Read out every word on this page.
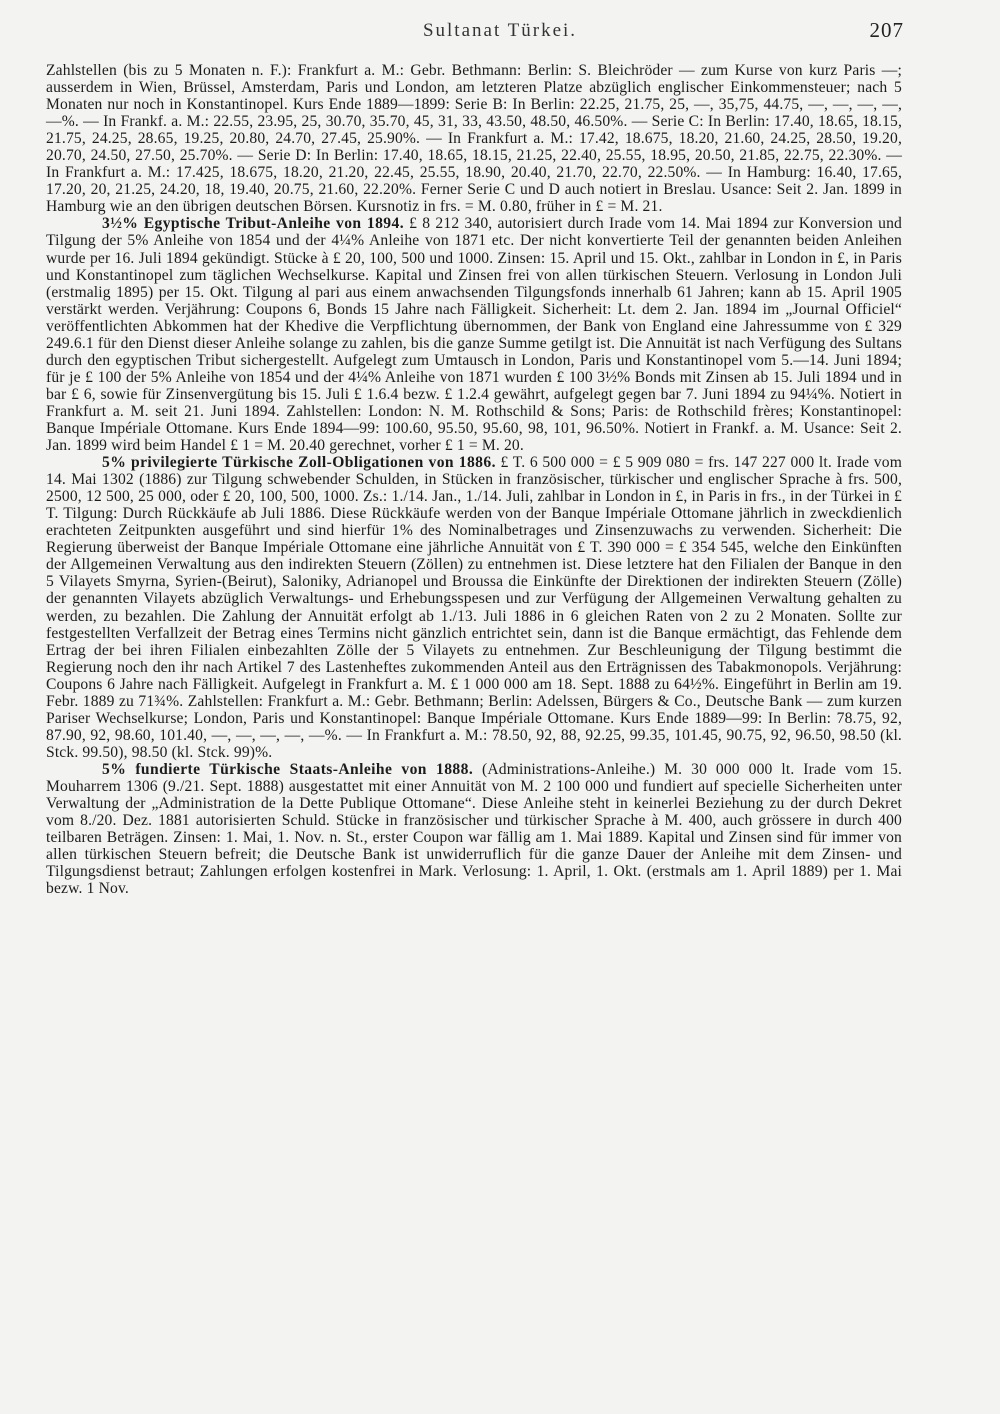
Sultanat Türkei.	207

Zahlstellen (bis zu 5 Monaten n. F.): Frankfurt a. M.: Gebr. Bethmann: Berlin: S. Bleichröder — zum Kurse von kurz Paris —; ausserdem in Wien, Brüssel, Amsterdam, Paris und London, am letzteren Platze abzüglich englischer Einkommensteuer; nach 5 Monaten nur noch in Konstantinopel. Kurs Ende 1889—1899: Serie B: In Berlin: 22.25, 21.75, 25, —, 35,75, 44.75, —, —, —, —, —%. — In Frankf. a. M.: 22.55, 23.95, 25, 30.70, 35.70, 45, 31, 33, 43.50, 48.50, 46.50%. — Serie C: In Berlin: 17.40, 18.65, 18.15, 21.75, 24.25, 28.65, 19.25, 20.80, 24.70, 27.45, 25.90%. — In Frankfurt a. M.: 17.42, 18.675, 18.20, 21.60, 24.25, 28.50, 19.20, 20.70, 24.50, 27.50, 25.70%. — Serie D: In Berlin: 17.40, 18.65, 18.15, 21.25, 22.40, 25.55, 18.95, 20.50, 21.85, 22.75, 22.30%. — In Frankfurt a. M.: 17.425, 18.675, 18.20, 21.20, 22.45, 25.55, 18.90, 20.40, 21.70, 22.70, 22.50%. — In Hamburg: 16.40, 17.65, 17.20, 20, 21.25, 24.20, 18, 19.40, 20.75, 21.60, 22.20%. Ferner Serie C und D auch notiert in Breslau. Usance: Seit 2. Jan. 1899 in Hamburg wie an den übrigen deutschen Börsen. Kursnotiz in frs. = M. 0.80, früher in £ = M. 21.

3½% Egyptische Tribut-Anleihe von 1894. £ 8 212 340, autorisiert durch Irade vom 14. Mai 1894 zur Konversion und Tilgung der 5% Anleihe von 1854 und der 4¼% Anleihe von 1871 etc. Der nicht konvertierte Teil der genannten beiden Anleihen wurde per 16. Juli 1894 gekündigt. Stücke à £ 20, 100, 500 und 1000. Zinsen: 15. April und 15. Okt., zahlbar in London in £, in Paris und Konstantinopel zum täglichen Wechselkurse. Kapital und Zinsen frei von allen türkischen Steuern. Verlosung in London Juli (erstmalig 1895) per 15. Okt. Tilgung al pari aus einem anwachsenden Tilgungsfonds innerhalb 61 Jahren; kann ab 15. April 1905 verstärkt werden. Verjährung: Coupons 6, Bonds 15 Jahre nach Fälligkeit. Sicherheit: Lt. dem 2. Jan. 1894 im „Journal Officiel“ veröffentlichten Abkommen hat der Khedive die Verpflichtung übernommen, der Bank von England eine Jahressumme von £ 329 249.6.1 für den Dienst dieser Anleihe solange zu zahlen, bis die ganze Summe getilgt ist. Die Annuität ist nach Verfügung des Sultans durch den egyptischen Tribut sichergestellt. Aufgelegt zum Umtausch in London, Paris und Konstantinopel vom 5.—14. Juni 1894; für je £ 100 der 5% Anleihe von 1854 und der 4¼% Anleihe von 1871 wurden £ 100 3½% Bonds mit Zinsen ab 15. Juli 1894 und in bar £ 6, sowie für Zinsenvergütung bis 15. Juli £ 1.6.4 bezw. £ 1.2.4 gewährt, aufgelegt gegen bar 7. Juni 1894 zu 94¼%. Notiert in Frankfurt a. M. seit 21. Juni 1894. Zahlstellen: London: N. M. Rothschild & Sons; Paris: de Rothschild frères; Konstantinopel: Banque Impériale Ottomane. Kurs Ende 1894—99: 100.60, 95.50, 95.60, 98, 101, 96.50%. Notiert in Frankf. a. M. Usance: Seit 2. Jan. 1899 wird beim Handel £ 1 = M. 20.40 gerechnet, vorher £ 1 = M. 20.

5% privilegierte Türkische Zoll-Obligationen von 1886. £ T. 6 500 000 = £ 5 909 080 = frs. 147 227 000 lt. Irade vom 14. Mai 1302 (1886) zur Tilgung schwebender Schulden, in Stücken in französischer, türkischer und englischer Sprache à frs. 500, 2500, 12 500, 25 000, oder £ 20, 100, 500, 1000. Zs.: 1./14. Jan., 1./14. Juli, zahlbar in London in £, in Paris in frs., in der Türkei in £ T. Tilgung: Durch Rückkäufe ab Juli 1886. Diese Rückkäufe werden von der Banque Impériale Ottomane jährlich in zweckdienlich erachteten Zeitpunkten ausgeführt und sind hierfür 1% des Nominalbetrages und Zinsenzuwachs zu verwenden. Sicherheit: Die Regierung überweist der Banque Impériale Ottomane eine jährliche Annuität von £ T. 390 000 = £ 354 545, welche den Einkünften der Allgemeinen Verwaltung aus den indirekten Steuern (Zöllen) zu entnehmen ist. Diese letztere hat den Filialen der Banque in den 5 Vilayets Smyrna, Syrien-(Beirut), Saloniky, Adrianopel und Broussa die Einkünfte der Direktionen der indirekten Steuern (Zölle) der genannten Vilayets abzüglich Verwaltungs- und Erhebungsspesen und zur Verfügung der Allgemeinen Verwaltung gehalten zu werden, zu bezahlen. Die Zahlung der Annuität erfolgt ab 1./13. Juli 1886 in 6 gleichen Raten von 2 zu 2 Monaten. Sollte zur festgestellten Verfallzeit der Betrag eines Termins nicht gänzlich entrichtet sein, dann ist die Banque ermächtigt, das Fehlende dem Ertrag der bei ihren Filialen einbezahlten Zölle der 5 Vilayets zu entnehmen. Zur Beschleunigung der Tilgung bestimmt die Regierung noch den ihr nach Artikel 7 des Lastenheftes zukommenden Anteil aus den Erträgnissen des Tabakmonopols. Verjährung: Coupons 6 Jahre nach Fälligkeit. Aufgelegt in Frankfurt a. M. £ 1 000 000 am 18. Sept. 1888 zu 64½%. Eingeführt in Berlin am 19. Febr. 1889 zu 71¾%. Zahlstellen: Frankfurt a. M.: Gebr. Bethmann; Berlin: Adelssen, Bürgers & Co., Deutsche Bank — zum kurzen Pariser Wechselkurse; London, Paris und Konstantinopel: Banque Impériale Ottomane. Kurs Ende 1889—99: In Berlin: 78.75, 92, 87.90, 92, 98.60, 101.40, —, —, —, —, —%. — In Frankfurt a. M.: 78.50, 92, 88, 92.25, 99.35, 101.45, 90.75, 92, 96.50, 98.50 (kl. Stck. 99.50), 98.50 (kl. Stck. 99)%.

5% fundierte Türkische Staats-Anleihe von 1888. (Administrations-Anleihe.) M. 30 000 000 lt. Irade vom 15. Mouharrem 1306 (9./21. Sept. 1888) ausgestattet mit einer Annuität von M. 2 100 000 und fundiert auf specielle Sicherheiten unter Verwaltung der „Administration de la Dette Publique Ottomane“. Diese Anleihe steht in keinerlei Beziehung zu der durch Dekret vom 8./20. Dez. 1881 autorisierten Schuld. Stücke in französischer und türkischer Sprache à M. 400, auch grössere in durch 400 teilbaren Beträgen. Zinsen: 1. Mai, 1. Nov. n. St., erster Coupon war fällig am 1. Mai 1889. Kapital und Zinsen sind für immer von allen türkischen Steuern befreit; die Deutsche Bank ist unwiderruflich für die ganze Dauer der Anleihe mit dem Zinsen- und Tilgungsdienst betraut; Zahlungen erfolgen kostenfrei in Mark. Verlosung: 1. April, 1. Okt. (erstmals am 1. April 1889) per 1. Mai bezw. 1 Nov.
